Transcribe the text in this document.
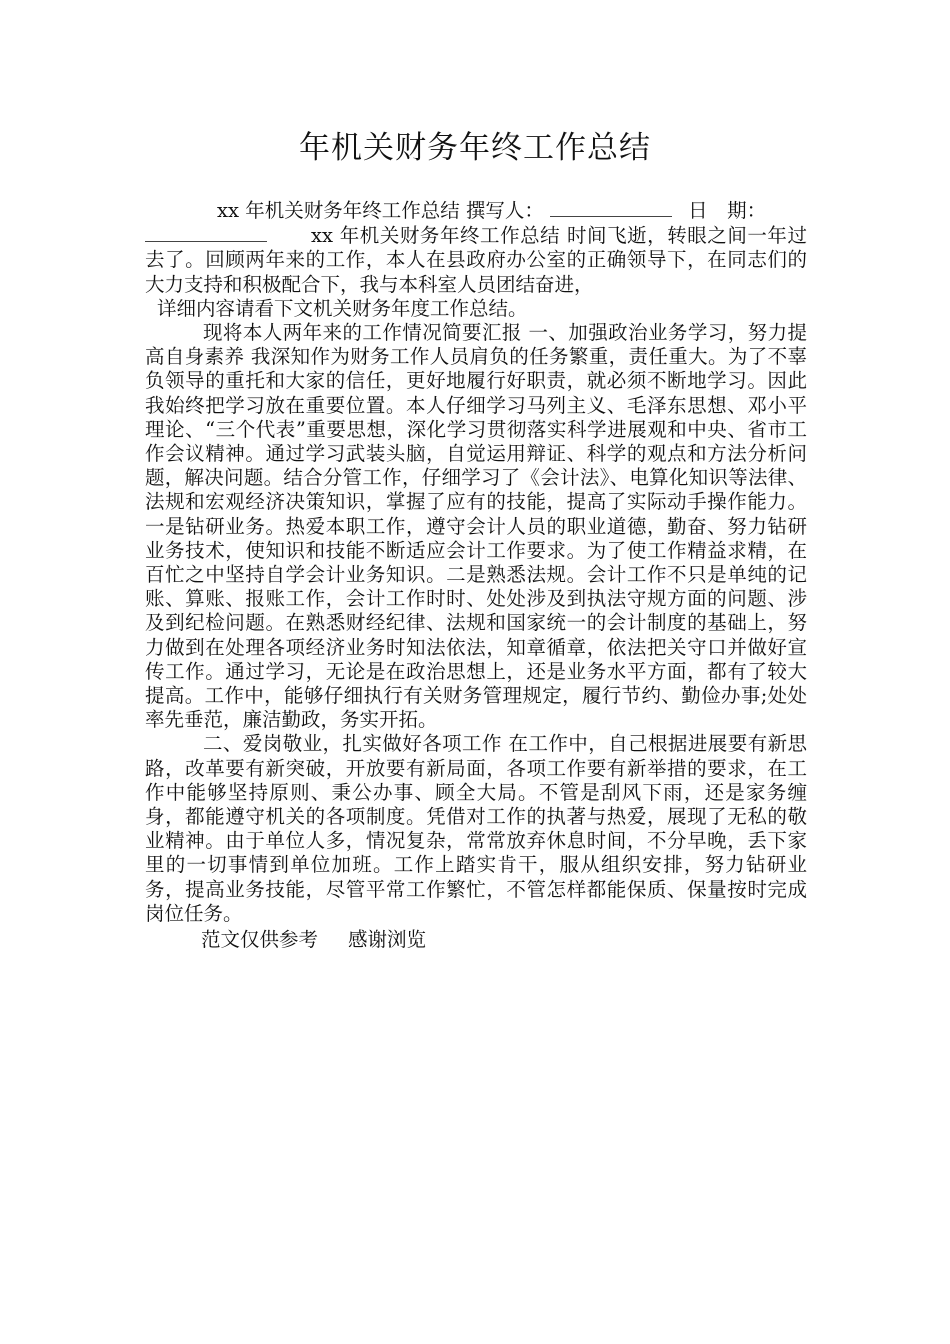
年机关财务年终工作总结

xx 年机关财务年终工作总结 撰写人：	日　期：

xx 年机关财务年终工作总结 时间飞逝，转眼之间一年过去了。回顾两年来的工作，本人在县政府办公室的正确领导下，在同志们的大力支持和积极配合下，我与本科室人员团结奋进，

详细内容请看下文机关财务年度工作总结。

现将本人两年来的工作情况简要汇报 一、加强政治业务学习，努力提高自身素养 我深知作为财务工作人员肩负的任务繁重，责任重大。为了不辜负领导的重托和大家的信任，更好地履行好职责，就必须不断地学习。因此我始终把学习放在重要位置。本人仔细学习马列主义、毛泽东思想、邓小平理论、“三个代表”重要思想，深化学习贯彻落实科学进展观和中央、省市工作会议精神。通过学习武装头脑，自觉运用辩证、科学的观点和方法分析问题，解决问题。结合分管工作，仔细学习了《会计法》、电算化知识等法律、法规和宏观经济决策知识，掌握了应有的技能，提高了实际动手操作能力。一是钻研业务。热爱本职工作，遵守会计人员的职业道德，勤奋、努力钻研业务技术，使知识和技能不断适应会计工作要求。为了使工作精益求精，在百忙之中坚持自学会计业务知识。二是熟悉法规。会计工作不只是单纯的记账、算账、报账工作，会计工作时时、处处涉及到执法守规方面的问题、涉及到纪检问题。在熟悉财经纪律、法规和国家统一的会计制度的基础上，努力做到在处理各项经济业务时知法依法，知章循章，依法把关守口并做好宣传工作。通过学习，无论是在政治思想上，还是业务水平方面，都有了较大提高。工作中，能够仔细执行有关财务管理规定，履行节约、勤俭办事;处处率先垂范，廉洁勤政，务实开拓。

二、爱岗敬业，扎实做好各项工作 在工作中，自己根据进展要有新思路，改革要有新突破，开放要有新局面，各项工作要有新举措的要求，在工作中能够坚持原则、秉公办事、顾全大局。不管是刮风下雨，还是家务缠身，都能遵守机关的各项制度。凭借对工作的执著与热爱，展现了无私的敬业精神。由于单位人多，情况复杂，常常放弃休息时间，不分早晚，丢下家里的一切事情到单位加班。工作上踏实肯干，服从组织安排，努力钻研业务，提高业务技能，尽管平常工作繁忙，不管怎样都能保质、保量按时完成岗位任务。

范文仅供参考 感谢浏览
